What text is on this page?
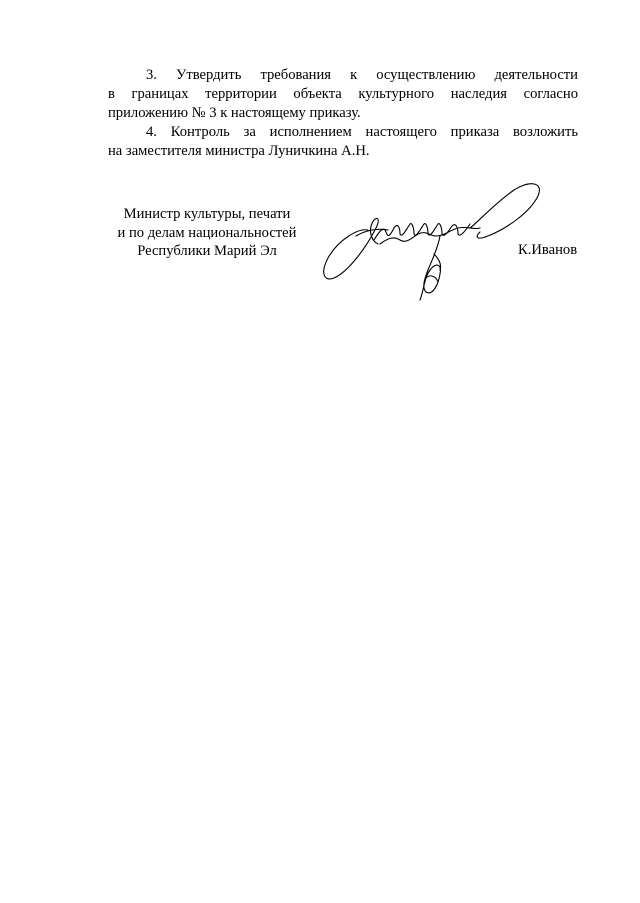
3. Утвердить требования к осуществлению деятельности
в границах территории объекта культурного наследия согласно
приложению № 3 к настоящему приказу.

4. Контроль за исполнением настоящего приказа возложить
на заместителя министра Луничкина А.Н.

Министр культуры, печати
и по делам национальностей
Республики Марий Эл	К.Иванов
